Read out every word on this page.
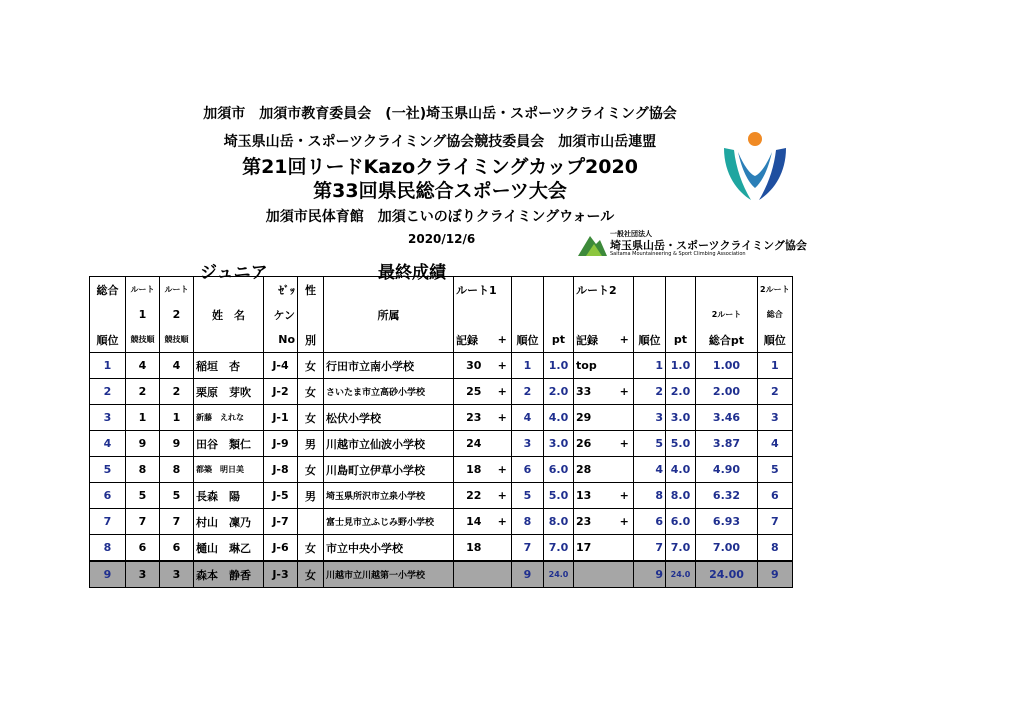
加須市　加須市教育委員会　(一社)埼玉県山岳・スポーツクライミング協会
埼玉県山岳・スポーツクライミング協会競技委員会　加須市山岳連盟
第21回リードKazoクライミングカップ2020
第33回県民総合スポーツ大会
加須市民体育館　加須こいのぼりクライミングウォール
2020/12/6	一般社団法人
埼玉県山岳・スポーツクライミング協会
Saitama Mountaineering & Sport Climbing Association
ジュニア	最終成績
総合	ルート	ルート		ｾﾞｯ	性		ルート1				ルート2					2ルート
	1	2	姓　名	ケン		所属									2ルート	総合
順位	競技順	競技順		No	別		記録	+	順位	pt	記録	+	順位	pt	総合pt	順位
1	4	4	稲垣　杏	J-4	女	行田市立南小学校	30	+	1	1.0	top		1	1.0	1.00	1
2	2	2	栗原　芽吹	J-2	女	さいたま市立高砂小学校	25	+	2	2.0	33	+	2	2.0	2.00	2
3	1	1	新藤　えれな	J-1	女	松伏小学校	23	+	4	4.0	29		3	3.0	3.46	3
4	9	9	田谷　類仁	J-9	男	川越市立仙波小学校	24		3	3.0	26	+	5	5.0	3.87	4
5	8	8	都築　明日美	J-8	女	川島町立伊草小学校	18	+	6	6.0	28		4	4.0	4.90	5
6	5	5	長森　陽	J-5	男	埼玉県所沢市立泉小学校	22	+	5	5.0	13	+	8	8.0	6.32	6
7	7	7	村山　凜乃	J-7		富士見市立ふじみ野小学校	14	+	8	8.0	23	+	6	6.0	6.93	7
8	6	6	樋山　琳乙	J-6	女	市立中央小学校	18		7	7.0	17		7	7.0	7.00	8
9	3	3	森本　静香	J-3	女	川越市立川越第一小学校			9	24.0			9	24.0	24.00	9
